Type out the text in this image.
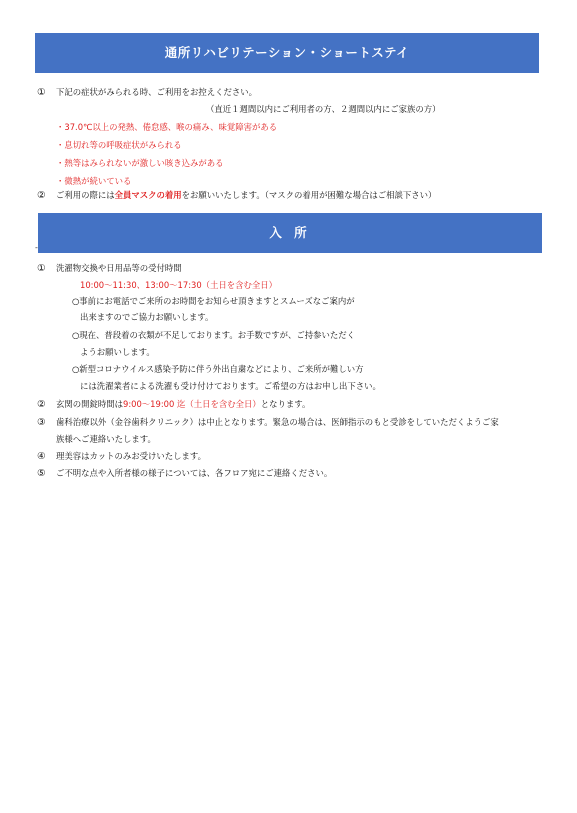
通所リハビリテーション・ショートステイ
① 下記の症状がみられる時、ご利用をお控えください。
（直近１週間以内にご利用者の方、２週間以内にご家族の方）
・37.0℃以上の発熱、倦怠感、喉の痛み、味覚障害がある
・息切れ等の呼吸症状がみられる
・熱等はみられないが激しい咳き込みがある
・微熱が続いている
② ご利用の際には全員マスクの着用をお願いいたします。（マスクの着用が困難な場合はご相談下さい）
-
入 所
① 洗濯物交換や日用品等の受付時間
10:00～11:30、13:00～17:30（土日を含む全日）
○事前にお電話でご来所のお時間をお知らせ頂きますとスムーズなご案内が
出来ますのでご協力お願いします。
○現在、普段着の衣類が不足しております。お手数ですが、ご持参いただく
ようお願いします。
○新型コロナウイルス感染予防に伴う外出自粛などにより、ご来所が難しい方
には洗濯業者による洗濯も受け付けております。ご希望の方はお申し出下さい。
② 玄関の開錠時間は9:00～19:00 迄（土日を含む全日）となります。
③ 歯科治療以外（金谷歯科クリニック）は中止となります。緊急の場合は、医師指示のもと受診をしていただくようご家
族様へご連絡いたします。
④ 理美容はカットのみお受けいたします。
⑤ ご不明な点や入所者様の様子については、各フロア宛にご連絡ください。
